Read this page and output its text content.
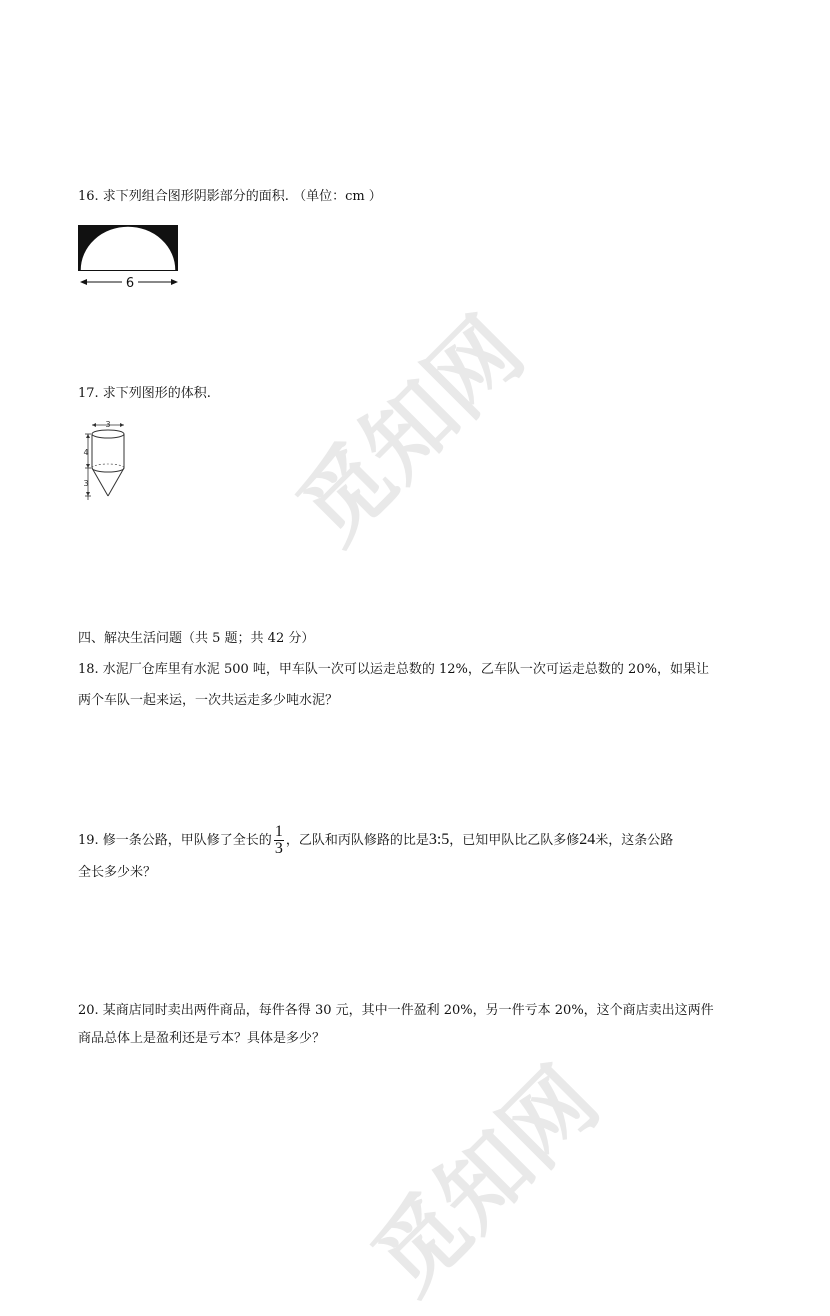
觅知网
觅知网
16. 求下列组合图形阴影部分的面积. （单位：cm ）
6
17. 求下列图形的体积.
3
4
3
四、解决生活问题（共 5 题；共 42 分）
18. 水泥厂仓库里有水泥 500 吨，甲车队一次可以运走总数的 12%，乙车队一次可运走总数的 20%，如果让
两个车队一起来运，一次共运走多少吨水泥？
19. 修一条公路，甲队修了全长的 $\frac{1}{3}$ ，乙队和丙队修路的比是3:5，已知甲队比乙队多修24米，这条公路
全长多少米？
20. 某商店同时卖出两件商品，每件各得 30 元，其中一件盈利 20%，另一件亏本 20%，这个商店卖出这两件
商品总体上是盈利还是亏本？具体是多少？
